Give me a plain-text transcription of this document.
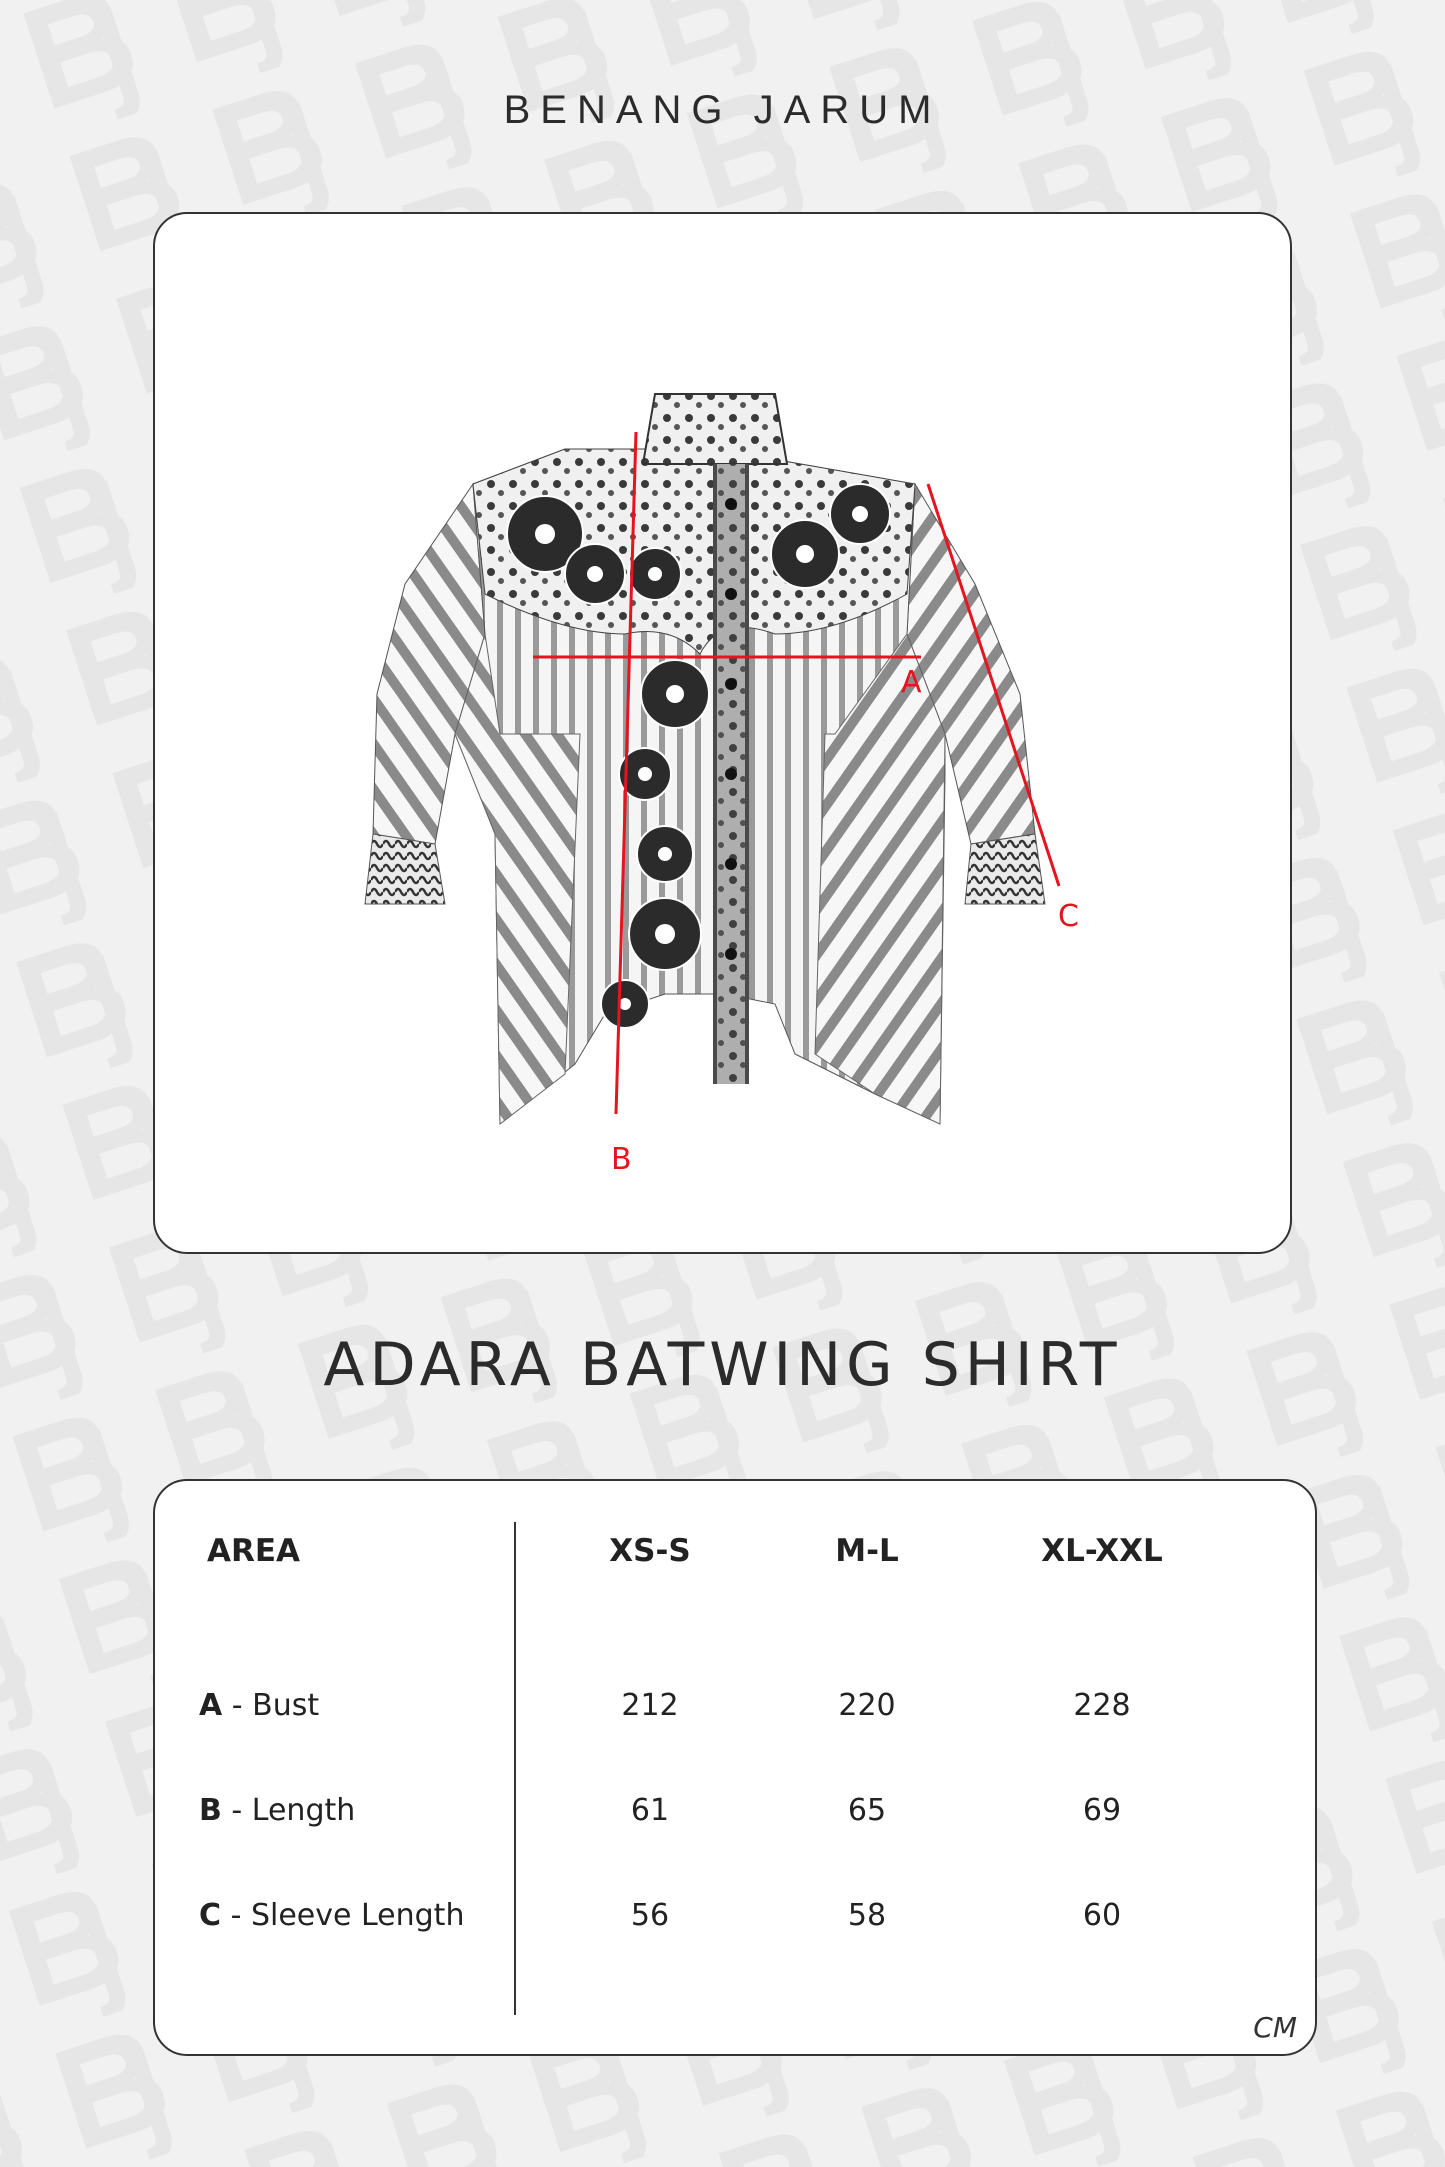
BENANG JARUM
A
B
C
ADARA BATWING SHIRT
AREA	XS-S	M-L	XL-XXL
A - Bust	212	220	228
B - Length	61	65	69
C - Sleeve Length	56	58	60
CM
